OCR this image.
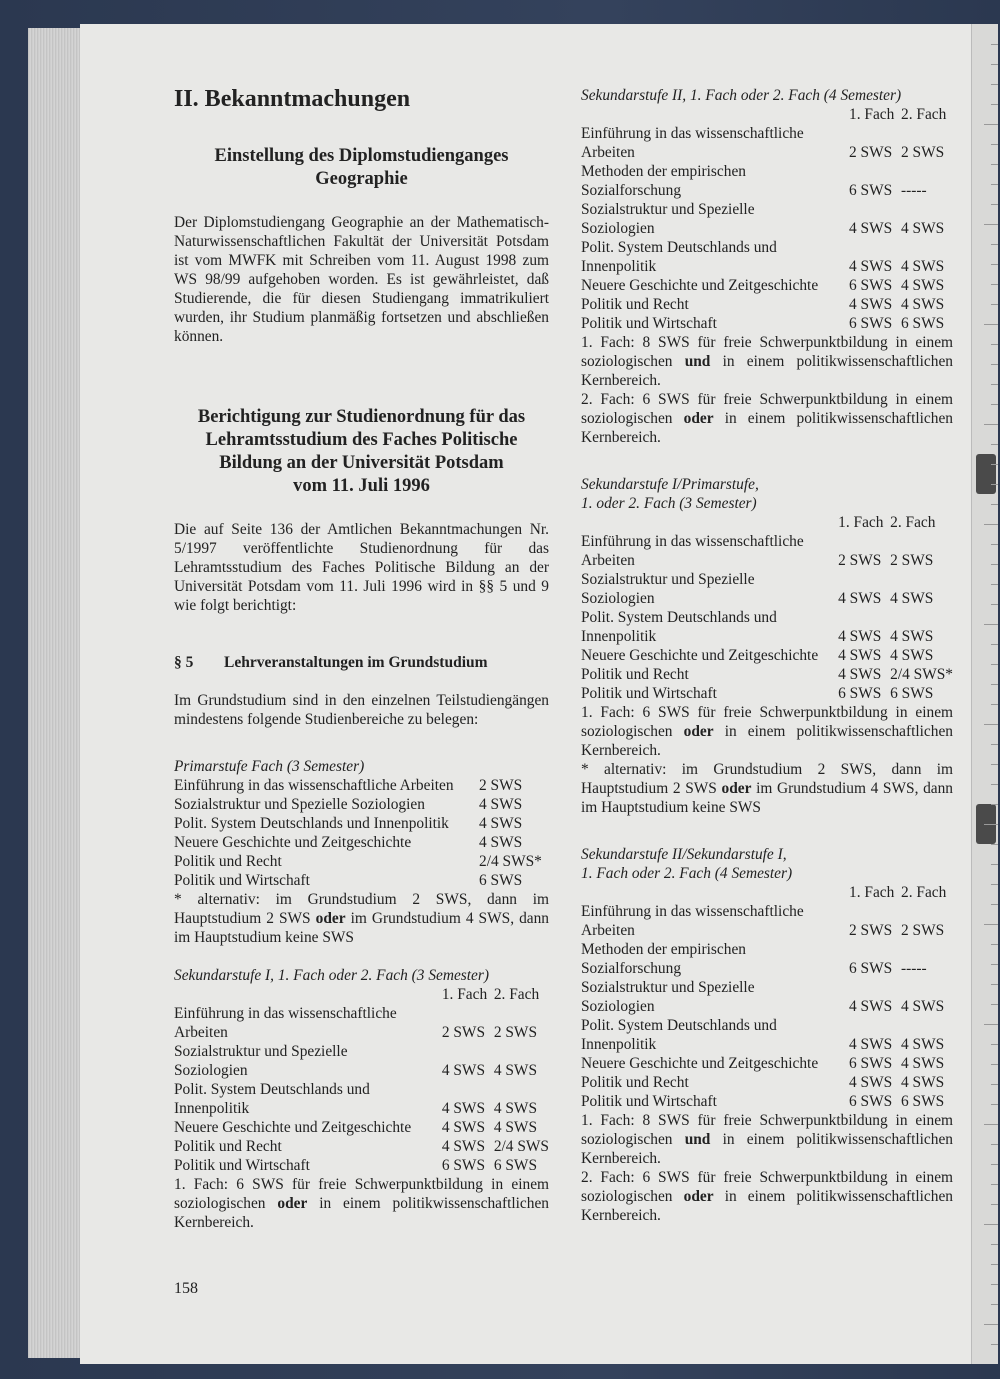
II. Bekanntmachungen
Einstellung des Diplomstudienganges
Geographie

Der Diplomstudiengang Geographie an der Mathematisch-Naturwissenschaftlichen Fakultät der Universität Potsdam ist vom MWFK mit Schreiben vom 11. August 1998 zum WS 98/99 aufgehoben worden. Es ist gewährleistet, daß Studierende, die für diesen Studiengang immatrikuliert wurden, ihr Studium planmäßig fortsetzen und abschließen können.

Berichtigung zur Studienordnung für das
Lehramtsstudium des Faches Politische
Bildung an der Universität Potsdam
vom 11. Juli 1996

Die auf Seite 136 der Amtlichen Bekanntmachungen Nr. 5/1997 veröffentlichte Studienordnung für das Lehramtsstudium des Faches Politische Bildung an der Universität Potsdam vom 11. Juli 1996 wird in §§ 5 und 9 wie folgt berichtigt:

§ 5 Lehrveranstaltungen im Grundstudium

Im Grundstudium sind in den einzelnen Teilstudiengängen mindestens folgende Studienbereiche zu belegen:

Primarstufe Fach (3 Semester)
Einführung in das wissenschaftliche Arbeiten	2 SWS
Sozialstruktur und Spezielle Soziologien	4 SWS
Polit. System Deutschlands und Innenpolitik	4 SWS
Neuere Geschichte und Zeitgeschichte	4 SWS
Politik und Recht	2/4 SWS*
Politik und Wirtschaft	6 SWS

* alternativ: im Grundstudium 2 SWS, dann im Hauptstudium 2 SWS oder im Grundstudium 4 SWS, dann im Hauptstudium keine SWS

Sekundarstufe I, 1. Fach oder 2. Fach (3 Semester)
	1. Fach	2. Fach
Einführung in das wissenschaftliche		
Arbeiten	2 SWS	2 SWS
Sozialstruktur und Spezielle		
Soziologien	4 SWS	4 SWS
Polit. System Deutschlands und		
Innenpolitik	4 SWS	4 SWS
Neuere Geschichte und Zeitgeschichte	4 SWS	4 SWS
Politik und Recht	4 SWS	2/4 SWS
Politik und Wirtschaft	6 SWS	6 SWS

1. Fach: 6 SWS für freie Schwerpunktbildung in einem soziologischen oder in einem politikwissenschaftlichen Kernbereich.

Sekundarstufe II, 1. Fach oder 2. Fach (4 Semester)
	1. Fach	2. Fach
Einführung in das wissenschaftliche		
Arbeiten	2 SWS	2 SWS
Methoden der empirischen		
Sozialforschung	6 SWS	-----
Sozialstruktur und Spezielle		
Soziologien	4 SWS	4 SWS
Polit. System Deutschlands und		
Innenpolitik	4 SWS	4 SWS
Neuere Geschichte und Zeitgeschichte	6 SWS	4 SWS
Politik und Recht	4 SWS	4 SWS
Politik und Wirtschaft	6 SWS	6 SWS

1. Fach: 8 SWS für freie Schwerpunktbildung in einem soziologischen und in einem politikwissenschaftlichen Kernbereich.

2. Fach: 6 SWS für freie Schwerpunktbildung in einem soziologischen oder in einem politikwissenschaftlichen Kernbereich.

Sekundarstufe I/Primarstufe,
1. oder 2. Fach (3 Semester)
	1. Fach	2. Fach
Einführung in das wissenschaftliche		
Arbeiten	2 SWS	2 SWS
Sozialstruktur und Spezielle		
Soziologien	4 SWS	4 SWS
Polit. System Deutschlands und		
Innenpolitik	4 SWS	4 SWS
Neuere Geschichte und Zeitgeschichte	4 SWS	4 SWS
Politik und Recht	4 SWS	2/4 SWS*
Politik und Wirtschaft	6 SWS	6 SWS

1. Fach: 6 SWS für freie Schwerpunktbildung in einem soziologischen oder in einem politikwissenschaftlichen Kernbereich.

* alternativ: im Grundstudium 2 SWS, dann im Hauptstudium 2 SWS oder im Grundstudium 4 SWS, dann im Hauptstudium keine SWS

Sekundarstufe II/Sekundarstufe I,
1. Fach oder 2. Fach (4 Semester)
	1. Fach	2. Fach
Einführung in das wissenschaftliche		
Arbeiten	2 SWS	2 SWS
Methoden der empirischen		
Sozialforschung	6 SWS	-----
Sozialstruktur und Spezielle		
Soziologien	4 SWS	4 SWS
Polit. System Deutschlands und		
Innenpolitik	4 SWS	4 SWS
Neuere Geschichte und Zeitgeschichte	6 SWS	4 SWS
Politik und Recht	4 SWS	4 SWS
Politik und Wirtschaft	6 SWS	6 SWS

1. Fach: 8 SWS für freie Schwerpunktbildung in einem soziologischen und in einem politikwissenschaftlichen Kernbereich.

2. Fach: 6 SWS für freie Schwerpunktbildung in einem soziologischen oder in einem politikwissenschaftlichen Kernbereich.

158
